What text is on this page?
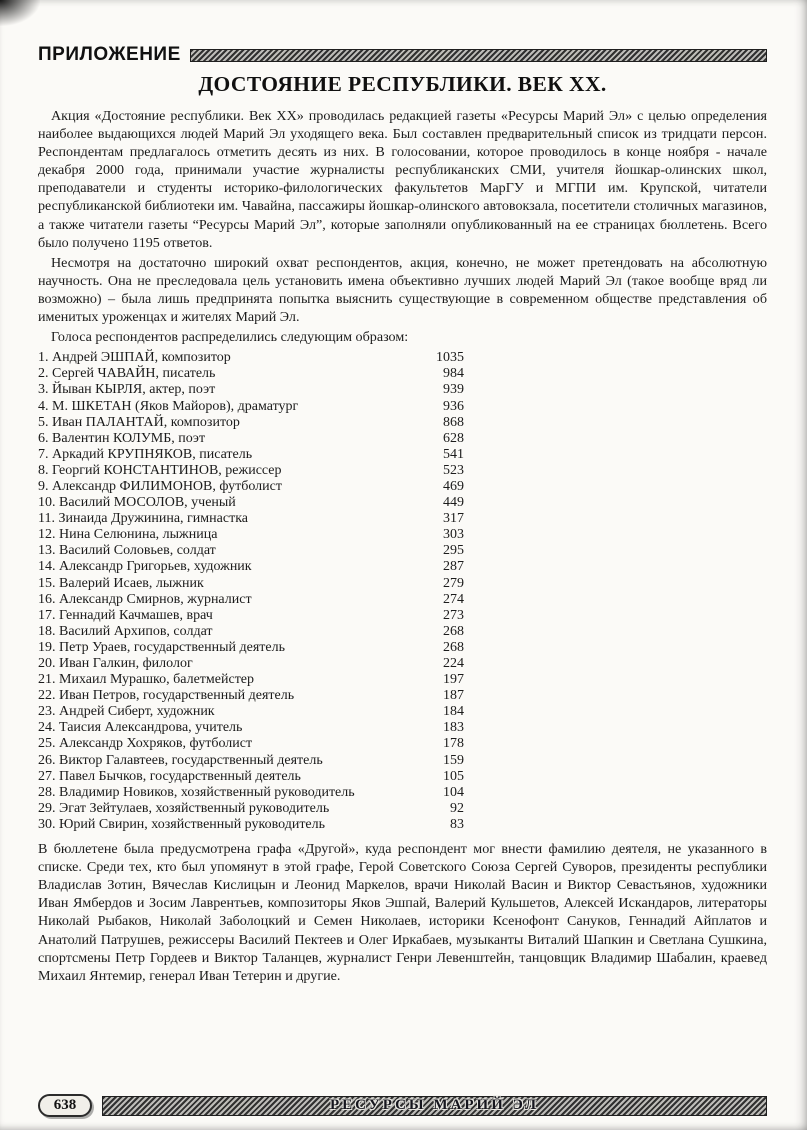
ПРИЛОЖЕНИЕ
ДОСТОЯНИЕ РЕСПУБЛИКИ. ВЕК XX.

Акция «Достояние республики. Век XX» проводилась редакцией газеты «Ресурсы Марий Эл» с целью определения наиболее выдающихся людей Марий Эл уходящего века. Был составлен предварительный список из тридцати персон. Респондентам предлагалось отметить десять из них. В голосовании, которое проводилось в конце ноября - начале декабря 2000 года, принимали участие журналисты республиканских СМИ, учителя йошкар-олинских школ, преподаватели и студенты историко-филологических факультетов МарГУ и МГПИ им. Крупской, читатели республиканской библиотеки им. Чавайна, пассажиры йошкар-олинского автовокзала, посетители столичных магазинов, а также читатели газеты “Ресурсы Марий Эл”, которые заполняли опубликованный на ее страницах бюллетень. Всего было получено 1195 ответов.

Несмотря на достаточно широкий охват респондентов, акция, конечно, не может претендовать на абсолютную научность. Она не преследовала цель установить имена объективно лучших людей Марий Эл (такое вообще вряд ли возможно) – была лишь предпринята попытка выяснить существующие в современном обществе представления об именитых уроженцах и жителях Марий Эл.

Голоса респондентов распределились следующим образом:

1. Андрей ЭШПАЙ, композитор	1035
2. Сергей ЧАВАЙН, писатель	984
3. Йыван КЫРЛЯ, актер, поэт	939
4. М. ШКЕТАН (Яков Майоров), драматург	936
5. Иван ПАЛАНТАЙ, композитор	868
6. Валентин КОЛУМБ, поэт	628
7. Аркадий КРУПНЯКОВ, писатель	541
8. Георгий КОНСТАНТИНОВ, режиссер	523
9. Александр ФИЛИМОНОВ, футболист	469
10. Василий МОСОЛОВ, ученый	449
11. Зинаида Дружинина, гимнастка	317
12. Нина Селюнина, лыжница	303
13. Василий Соловьев, солдат	295
14. Александр Григорьев, художник	287
15. Валерий Исаев, лыжник	279
16. Александр Смирнов, журналист	274
17. Геннадий Качмашев, врач	273
18. Василий Архипов, солдат	268
19. Петр Ураев, государственный деятель	268
20. Иван Галкин, филолог	224
21. Михаил Мурашко, балетмейстер	197
22. Иван Петров, государственный деятель	187
23. Андрей Сиберт, художник	184
24. Таисия Александрова, учитель	183
25. Александр Хохряков, футболист	178
26. Виктор Галавтеев, государственный деятель	159
27. Павел Бычков, государственный деятель	105
28. Владимир Новиков, хозяйственный руководитель	104
29. Эгат Зейтулаев, хозяйственный руководитель	92
30. Юрий Свирин, хозяйственный руководитель	83

В бюллетене была предусмотрена графа «Другой», куда респондент мог внести фамилию деятеля, не указанного в списке. Среди тех, кто был упомянут в этой графе, Герой Советского Союза Сергей Суворов, президенты республики Владислав Зотин, Вячеслав Кислицын и Леонид Маркелов, врачи Николай Васин и Виктор Севастьянов, художники Иван Ямбердов и Зосим Лаврентьев, композиторы Яков Эшпай, Валерий Кульшетов, Алексей Искандаров, литераторы Николай Рыбаков, Николай Заболоцкий и Семен Николаев, историки Ксенофонт Сануков, Геннадий Айплатов и Анатолий Патрушев, режиссеры Василий Пектеев и Олег Иркабаев, музыканты Виталий Шапкин и Светлана Сушкина, спортсмены Петр Гордеев и Виктор Таланцев, журналист Генри Левенштейн, танцовщик Владимир Шабалин, краевед Михаил Янтемир, генерал Иван Тетерин и другие.

638	РЕСУРСЫ МАРИЙ ЭЛ
